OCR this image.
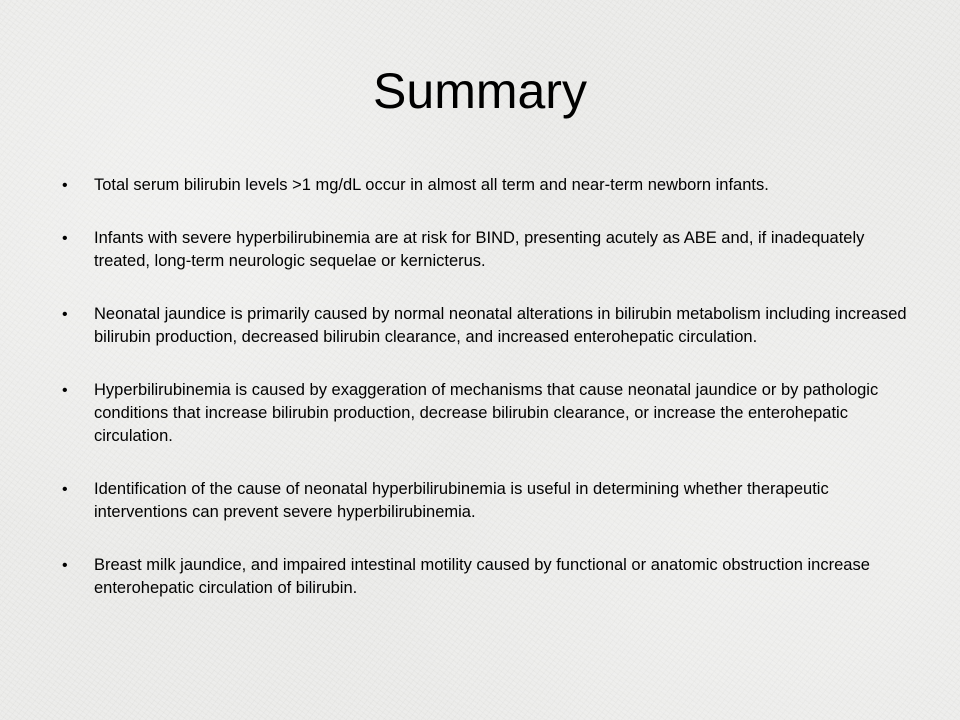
Summary
•	Total serum bilirubin levels >1 mg/dL occur in almost all term and near-term newborn infants.
•	Infants with severe hyperbilirubinemia are at risk for BIND, presenting acutely as ABE and, if inadequately treated, long-term neurologic sequelae or kernicterus.
•	Neonatal jaundice is primarily caused by normal neonatal alterations in bilirubin metabolism including increased bilirubin production, decreased bilirubin clearance, and increased enterohepatic circulation.
•	Hyperbilirubinemia is caused by exaggeration of mechanisms that cause neonatal jaundice or by pathologic conditions that increase bilirubin production, decrease bilirubin clearance, or increase the enterohepatic circulation.
•	Identification of the cause of neonatal hyperbilirubinemia is useful in determining whether therapeutic interventions can prevent severe hyperbilirubinemia.
•	Breast milk jaundice, and impaired intestinal motility caused by functional or anatomic obstruction increase enterohepatic circulation of bilirubin.
